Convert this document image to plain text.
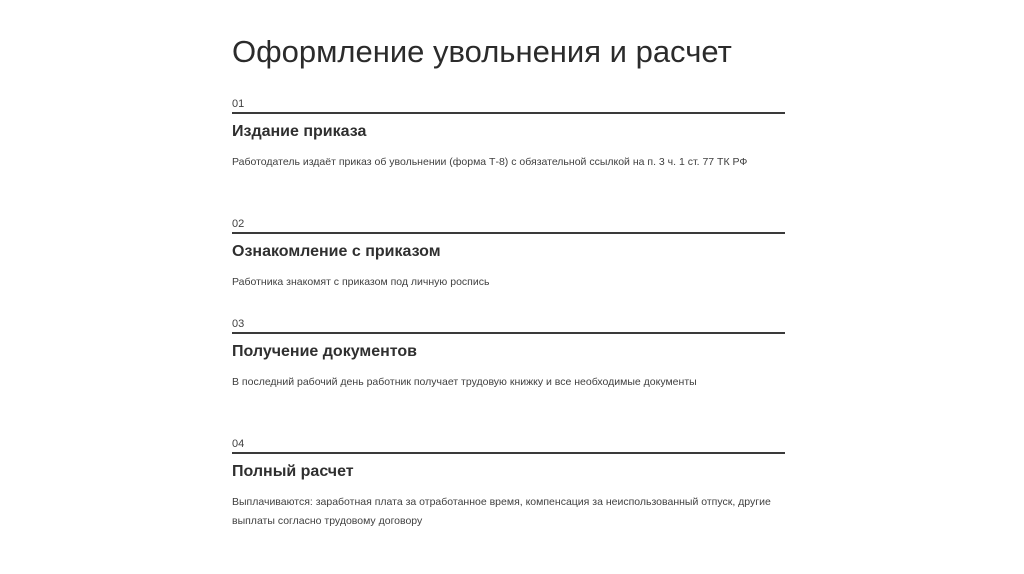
Оформление увольнения и расчет
01
Издание приказа

Работодатель издаёт приказ об увольнении (форма Т-8) с обязательной ссылкой на п. 3 ч. 1 ст. 77 ТК РФ

02
Ознакомление с приказом

Работника знакомят с приказом под личную роспись

03
Получение документов

В последний рабочий день работник получает трудовую книжку и все необходимые документы

04
Полный расчет

Выплачиваются: заработная плата за отработанное время, компенсация за неиспользованный отпуск, другие выплаты согласно трудовому договору
